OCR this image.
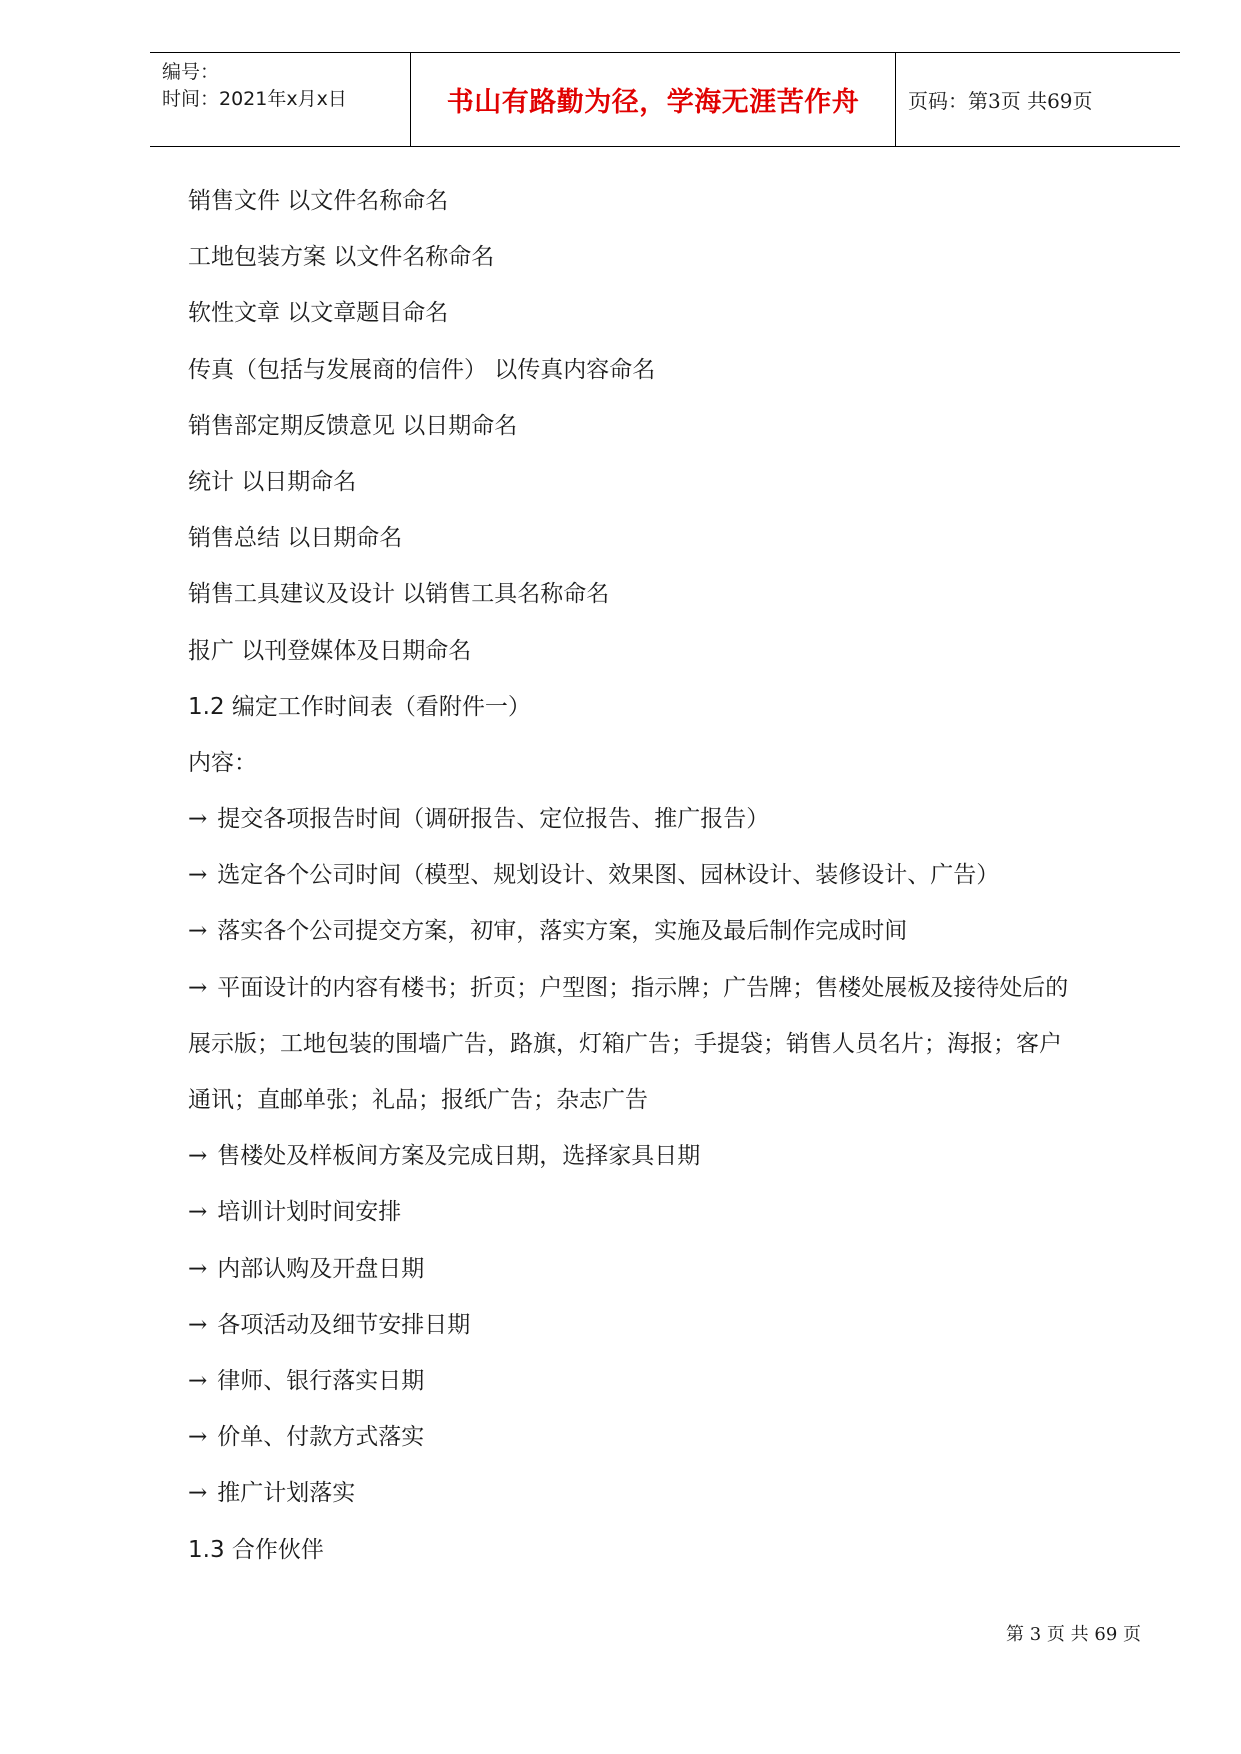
编号：
时间：2021年x月x日	书山有路勤为径，学海无涯苦作舟 页码：第3页 共69页
销售文件 以文件名称命名
工地包装方案 以文件名称命名
软性文章 以文章题目命名
传真（包括与发展商的信件） 以传真内容命名
销售部定期反馈意见 以日期命名
统计 以日期命名
销售总结 以日期命名
销售工具建议及设计 以销售工具名称命名
报广 以刊登媒体及日期命名
1.2 编定工作时间表（看附件一）
内容：
→ 提交各项报告时间（调研报告、定位报告、推广报告）
→ 选定各个公司时间（模型、规划设计、效果图、园林设计、装修设计、广告）
→ 落实各个公司提交方案，初审，落实方案，实施及最后制作完成时间
→ 平面设计的内容有楼书；折页；户型图；指示牌；广告牌；售楼处展板及接待处后的
展示版；工地包装的围墙广告，路旗，灯箱广告；手提袋；销售人员名片；海报；客户
通讯；直邮单张；礼品；报纸广告；杂志广告
→ 售楼处及样板间方案及完成日期，选择家具日期
→ 培训计划时间安排
→ 内部认购及开盘日期
→ 各项活动及细节安排日期
→ 律师、银行落实日期
→ 价单、付款方式落实
→ 推广计划落实
1.3 合作伙伴
第 3 页 共 69 页
